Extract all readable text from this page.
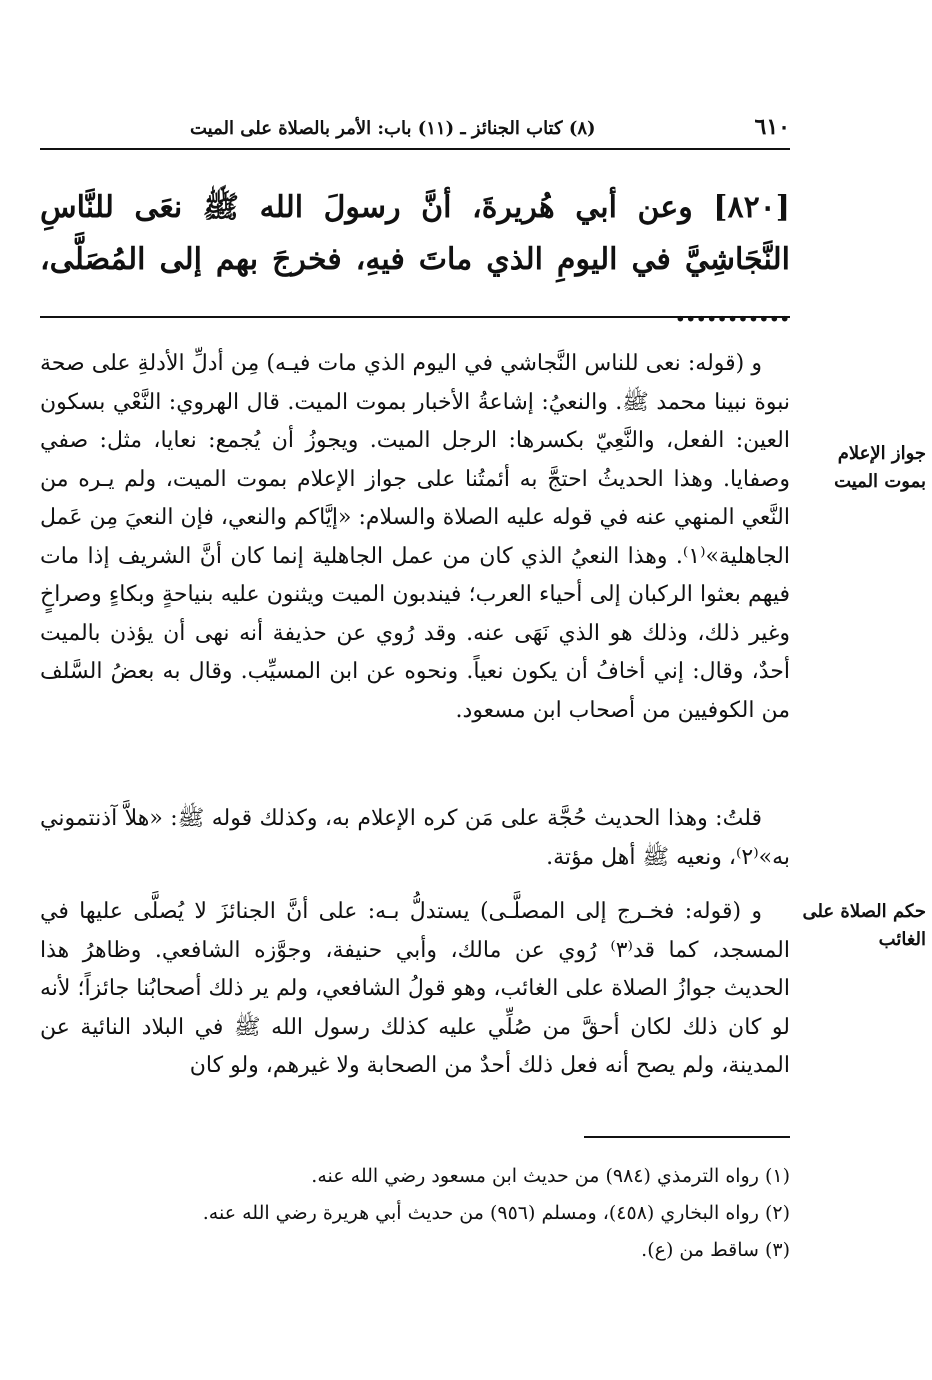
٦١٠
(٨) كتاب الجنائز ـ (١١) باب: الأمر بالصلاة على الميت
[٨٢٠] وعن أبي هُريرةَ، أنَّ رسولَ الله ﷺ نعَى للنَّاسِ النَّجَاشِيَّ في اليومِ الذي ماتَ فيهِ، فخرجَ بهم إلى المُصَلَّى، ...........
جواز الإعلام بموت الميت
حكم الصلاة على الغائب

و (قوله: نعى للناس النَّجاشي في اليوم الذي مات فيـه) مِن أدلِّ الأدلةِ على صحة نبوة نبينا محمد ﷺ. والنعيُ: إشاعةُ الأخبار بموت الميت. قال الهروي: النَّعْي بسكون العين: الفعل، والنَّعِيّ بكسرها: الرجل الميت. ويجوزُ أن يُجمع: نعايا، مثل: صفي وصفايا. وهذا الحديثُ احتجَّ به أئمتُنا على جواز الإعلام بموت الميت، ولم يـره من النَّعي المنهي عنه في قوله عليه الصلاة والسلام: «إيَّاكم والنعي، فإن النعيَ مِن عَمل الجاهلية»⁽١⁾. وهذا النعيُ الذي كان من عمل الجاهلية إنما كان أنَّ الشريف إذا مات فيهم بعثوا الركبان إلى أحياء العرب؛ فيندبون الميت ويثنون عليه بنياحةٍ وبكاءٍ وصراخٍ وغير ذلك، وذلك هو الذي نَهَى عنه. وقد رُوي عن حذيفة أنه نهى أن يؤذن بالميت أحدٌ، وقال: إني أخافُ أن يكون نعياً. ونحوه عن ابن المسيِّب. وقال به بعضُ السَّلف من الكوفيين من أصحاب ابن مسعود.

قلتُ: وهذا الحديث حُجَّة على مَن كره الإعلام به، وكذلك قوله ﷺ: «هلاَّ آذنتموني به»⁽٢⁾، ونعيه ﷺ أهل مؤتة.

و (قوله: فخـرج إلى المصلَّـى) يستدلُّ بـه: على أنَّ الجنائزَ لا يُصلَّى عليها في المسجد، كما قد⁽٣⁾ رُوي عن مالك، وأبي حنيفة، وجوَّزه الشافعي. وظاهرُ هذا الحديث جوازُ الصلاة على الغائب، وهو قولُ الشافعي، ولم ير ذلك أصحابُنا جائزاً؛ لأنه لو كان ذلك لكان أحقَّ من صُلِّي عليه كذلك رسول الله ﷺ في البلاد النائية عن المدينة، ولم يصح أنه فعل ذلك أحدٌ من الصحابة ولا غيرهم، ولو كان

(١) رواه الترمذي (٩٨٤) من حديث ابن مسعود رضي الله عنه.
(٢) رواه البخاري (٤٥٨)، ومسلم (٩٥٦) من حديث أبي هريرة رضي الله عنه.
(٣) ساقط من (ع).
